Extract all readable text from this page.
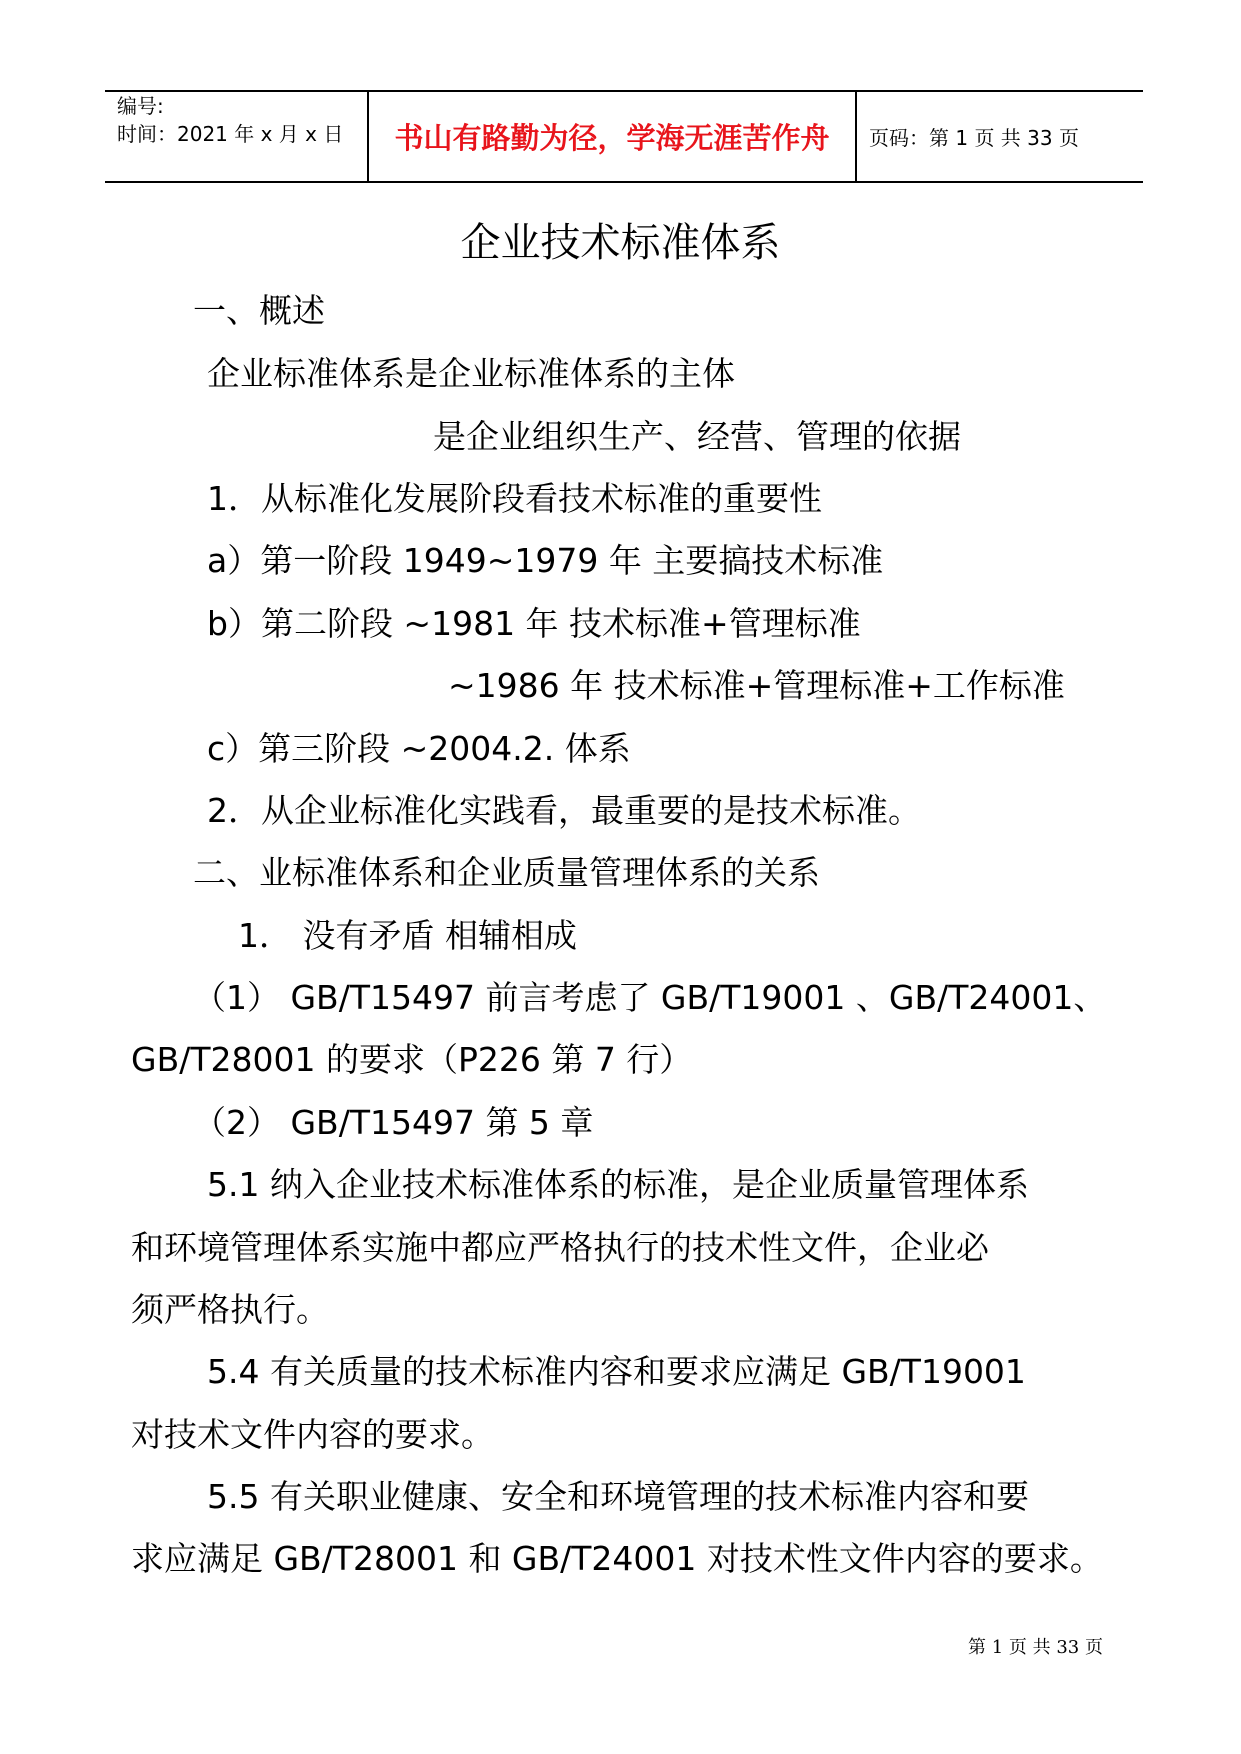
编号:
时间：2021 年 x 月 x 日	书山有路勤为径，学海无涯苦作舟	页码：第 1 页 共 33 页
企业技术标准体系
一、概述
企业标准体系是企业标准体系的主体
是企业组织生产、经营、管理的依据
1．从标准化发展阶段看技术标准的重要性
a）第一阶段 1949~1979 年 主要搞技术标准
b）第二阶段 ~1981 年 技术标准+管理标准
~1986 年 技术标准+管理标准+工作标准
c）第三阶段 ~2004.2. 体系
2．从企业标准化实践看，最重要的是技术标准。
二、业标准体系和企业质量管理体系的关系
1． 没有矛盾 相辅相成
（1） GB/T15497 前言考虑了 GB/T19001 、GB/T24001、
GB/T28001 的要求（P226 第 7 行）
（2） GB/T15497 第 5 章
5.1 纳入企业技术标准体系的标准，是企业质量管理体系
和环境管理体系实施中都应严格执行的技术性文件，企业必
须严格执行。
5.4 有关质量的技术标准内容和要求应满足 GB/T19001
对技术文件内容的要求。
5.5 有关职业健康、安全和环境管理的技术标准内容和要
求应满足 GB/T28001 和 GB/T24001 对技术性文件内容的要求。
第 1 页 共 33 页
